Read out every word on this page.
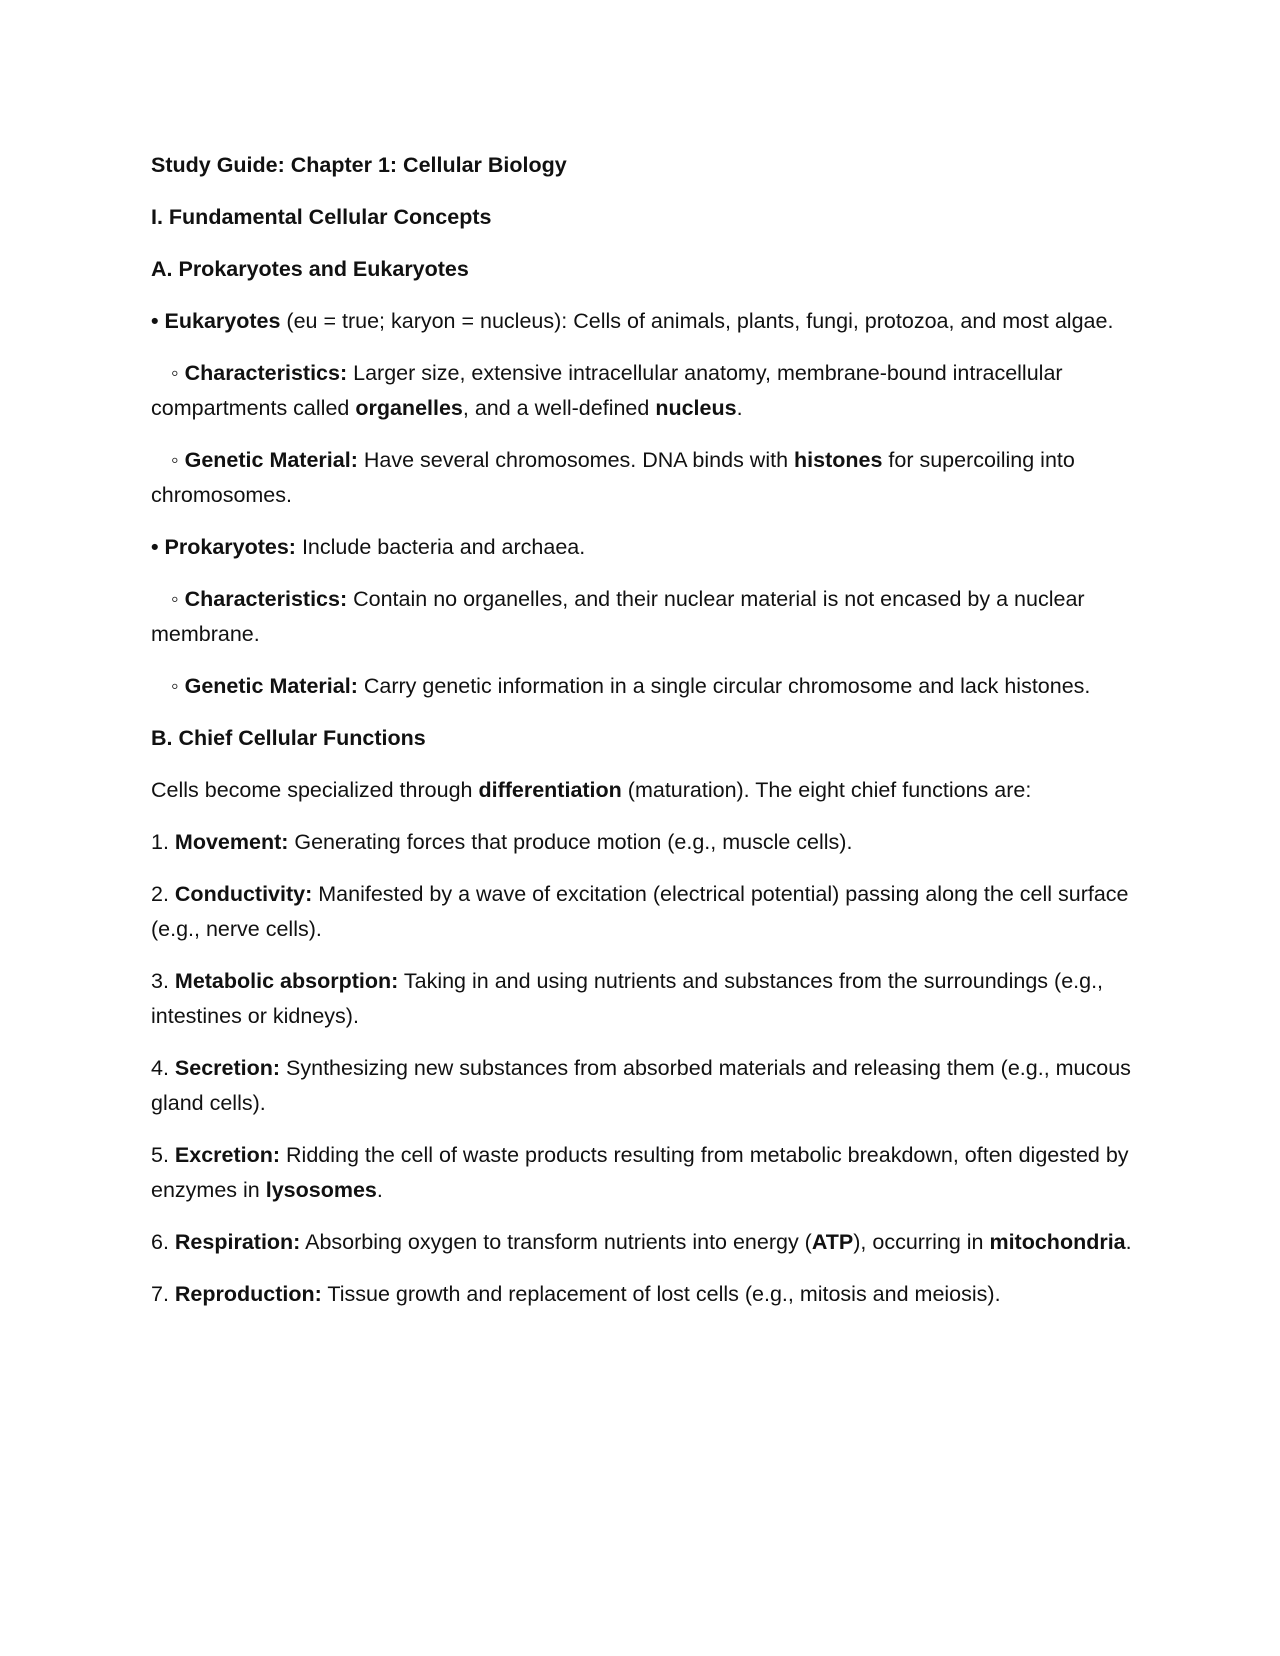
Study Guide: Chapter 1: Cellular Biology

I. Fundamental Cellular Concepts

A. Prokaryotes and Eukaryotes

• Eukaryotes (eu = true; karyon = nucleus): Cells of animals, plants, fungi, protozoa, and most algae.

◦ Characteristics: Larger size, extensive intracellular anatomy, membrane-bound intracellular compartments called organelles, and a well-defined nucleus.

◦ Genetic Material: Have several chromosomes. DNA binds with histones for supercoiling into chromosomes.

• Prokaryotes: Include bacteria and archaea.

◦ Characteristics: Contain no organelles, and their nuclear material is not encased by a nuclear membrane.

◦ Genetic Material: Carry genetic information in a single circular chromosome and lack histones.

B. Chief Cellular Functions

Cells become specialized through differentiation (maturation). The eight chief functions are:

1. Movement: Generating forces that produce motion (e.g., muscle cells).

2. Conductivity: Manifested by a wave of excitation (electrical potential) passing along the cell surface (e.g., nerve cells).

3. Metabolic absorption: Taking in and using nutrients and substances from the surroundings (e.g., intestines or kidneys).

4. Secretion: Synthesizing new substances from absorbed materials and releasing them (e.g., mucous gland cells).

5. Excretion: Ridding the cell of waste products resulting from metabolic breakdown, often digested by enzymes in lysosomes.

6. Respiration: Absorbing oxygen to transform nutrients into energy (ATP), occurring in mitochondria.

7. Reproduction: Tissue growth and replacement of lost cells (e.g., mitosis and meiosis).
